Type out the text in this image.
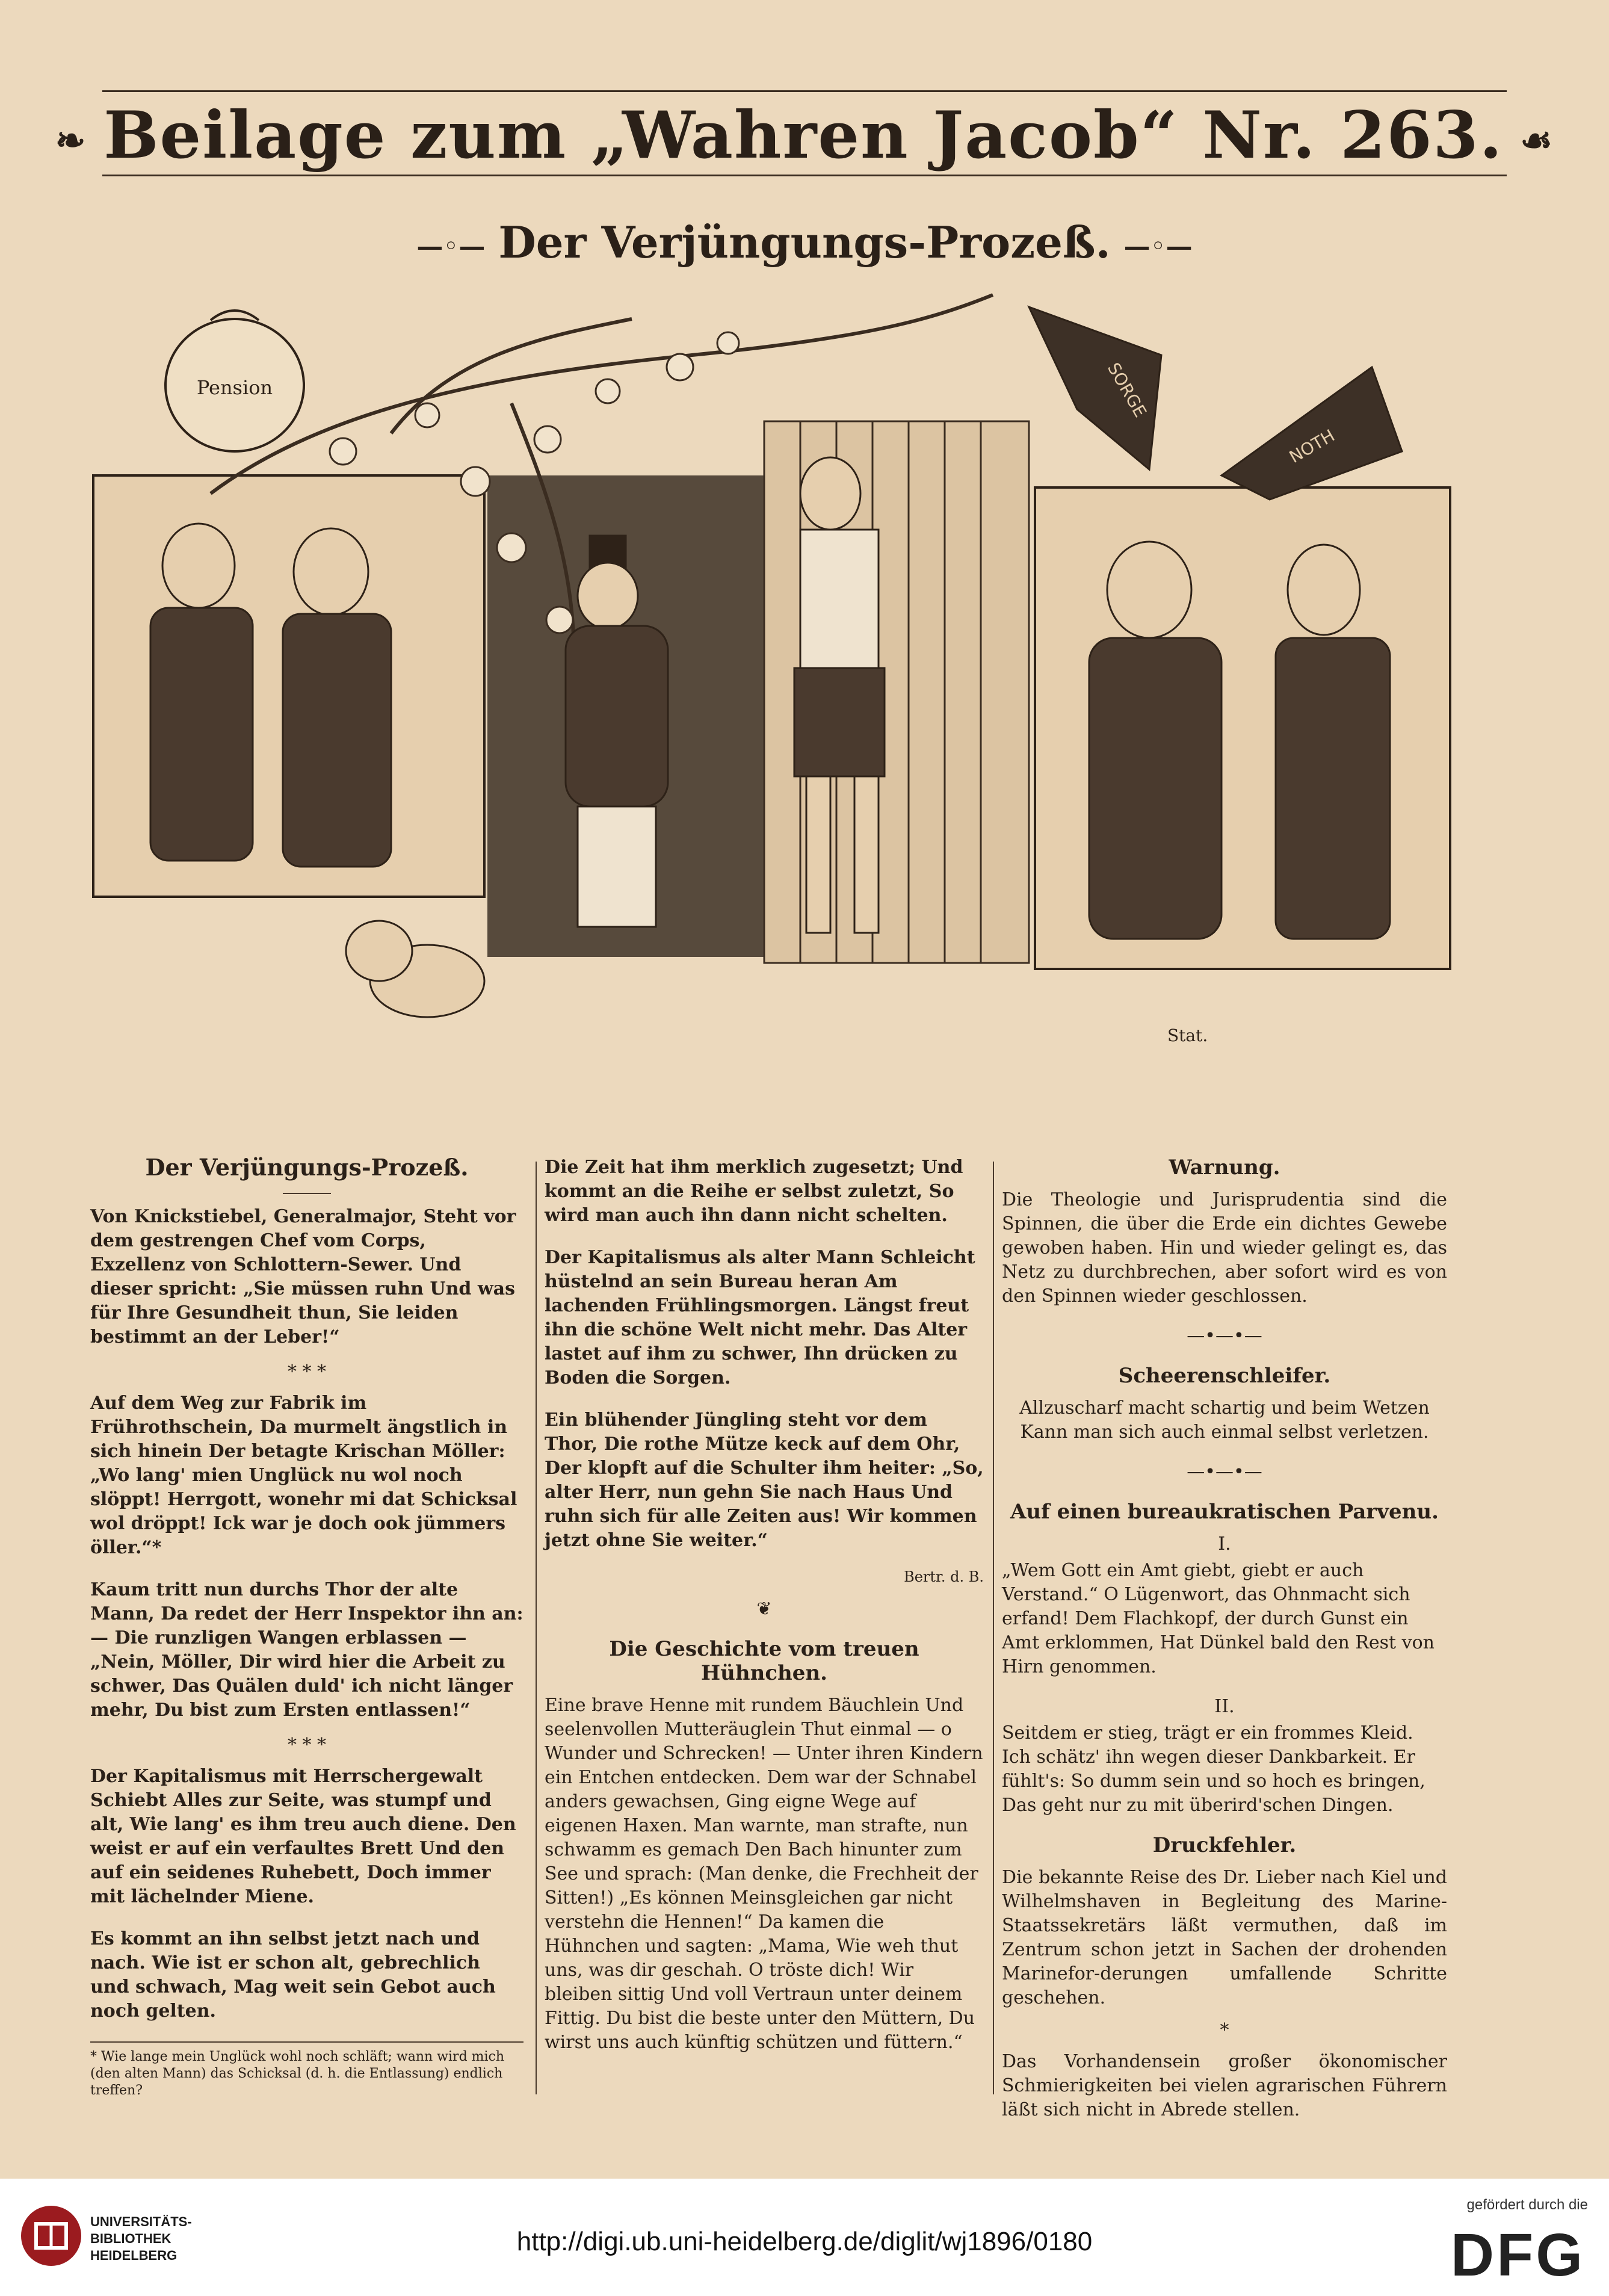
❧ Beilage zum „Wahren Jacob“ Nr. 263. ☙
—◦— Der Verjüngungs-Prozeß. —◦—
Pension	SORGE
NOTH
Stat.
Der Verjüngungs-Prozeß.

Von Knickstiebel, Generalmajor, Steht vor dem gestrengen Chef vom Corps, Exzellenz von Schlottern-Sewer. Und dieser spricht: „Sie müssen ruhn Und was für Ihre Gesundheit thun, Sie leiden bestimmt an der Leber!“

* * *

Auf dem Weg zur Fabrik im Frührothschein, Da murmelt ängstlich in sich hinein Der betagte Krischan Möller: „Wo lang' mien Unglück nu wol noch slöppt! Herrgott, wonehr mi dat Schicksal wol dröppt! Ick war je doch ook jümmers öller.“*

Kaum tritt nun durchs Thor der alte Mann, Da redet der Herr Inspektor ihn an: — Die runzligen Wangen erblassen — „Nein, Möller, Dir wird hier die Arbeit zu schwer, Das Quälen duld' ich nicht länger mehr, Du bist zum Ersten entlassen!“

* * *

Der Kapitalismus mit Herrschergewalt Schiebt Alles zur Seite, was stumpf und alt, Wie lang' es ihm treu auch diene. Den weist er auf ein verfaultes Brett Und den auf ein seidenes Ruhebett, Doch immer mit lächelnder Miene.

Es kommt an ihn selbst jetzt nach und nach. Wie ist er schon alt, gebrechlich und schwach, Mag weit sein Gebot auch noch gelten.

* Wie lange mein Unglück wohl noch schläft; wann wird mich (den alten Mann) das Schicksal (d. h. die Entlassung) endlich treffen?

Die Zeit hat ihm merklich zugesetzt; Und kommt an die Reihe er selbst zuletzt, So wird man auch ihn dann nicht schelten.

Der Kapitalismus als alter Mann Schleicht hüstelnd an sein Bureau heran Am lachenden Frühlingsmorgen. Längst freut ihn die schöne Welt nicht mehr. Das Alter lastet auf ihm zu schwer, Ihn drücken zu Boden die Sorgen.

Ein blühender Jüngling steht vor dem Thor, Die rothe Mütze keck auf dem Ohr, Der klopft auf die Schulter ihm heiter: „So, alter Herr, nun gehn Sie nach Haus Und ruhn sich für alle Zeiten aus! Wir kommen jetzt ohne Sie weiter.“

Bertr. d. B.
❦
Die Geschichte vom treuen Hühnchen.

Eine brave Henne mit rundem Bäuchlein Und seelenvollen Mutteräuglein Thut einmal — o Wunder und Schrecken! — Unter ihren Kindern ein Entchen entdecken. Dem war der Schnabel anders gewachsen, Ging eigne Wege auf eigenen Haxen. Man warnte, man strafte, nun schwamm es gemach Den Bach hinunter zum See und sprach: (Man denke, die Frechheit der Sitten!) „Es können Meinsgleichen gar nicht verstehn die Hennen!“ Da kamen die Hühnchen und sagten: „Mama, Wie weh thut uns, was dir geschah. O tröste dich! Wir bleiben sittig Und voll Vertraun unter deinem Fittig. Du bist die beste unter den Müttern, Du wirst uns auch künftig schützen und füttern.“

Warnung.

Die Theologie und Jurisprudentia sind die Spinnen, die über die Erde ein dichtes Gewebe gewoben haben. Hin und wieder gelingt es, das Netz zu durchbrechen, aber sofort wird es von den Spinnen wieder geschlossen.

—•—•—
Scheerenschleifer.

Allzuscharf macht schartig und beim Wetzen Kann man sich auch einmal selbst verletzen.

—•—•—
Auf einen bureaukratischen Parvenu.
I.

„Wem Gott ein Amt giebt, giebt er auch Verstand.“ O Lügenwort, das Ohnmacht sich erfand! Dem Flachkopf, der durch Gunst ein Amt erklommen, Hat Dünkel bald den Rest von Hirn genommen.

II.

Seitdem er stieg, trägt er ein frommes Kleid. Ich schätz' ihn wegen dieser Dankbarkeit. Er fühlt's: So dumm sein und so hoch es bringen, Das geht nur zu mit überird'schen Dingen.

Druckfehler.

Die bekannte Reise des Dr. Lieber nach Kiel und Wilhelmshaven in Begleitung des Marine-Staatssekretärs läßt vermuthen, daß im Zentrum schon jetzt in Sachen der drohenden Marinefor-derungen umfallende Schritte geschehen.

*

Das Vorhandensein großer ökonomischer Schmierigkeiten bei vielen agrarischen Führern läßt sich nicht in Abrede stellen.

UNIVERSITÄTS-
BIBLIOTHEK
HEIDELBERG	http://digi.ub.uni-heidelberg.de/diglit/wj1896/0180
gefördert durch die
DFG
